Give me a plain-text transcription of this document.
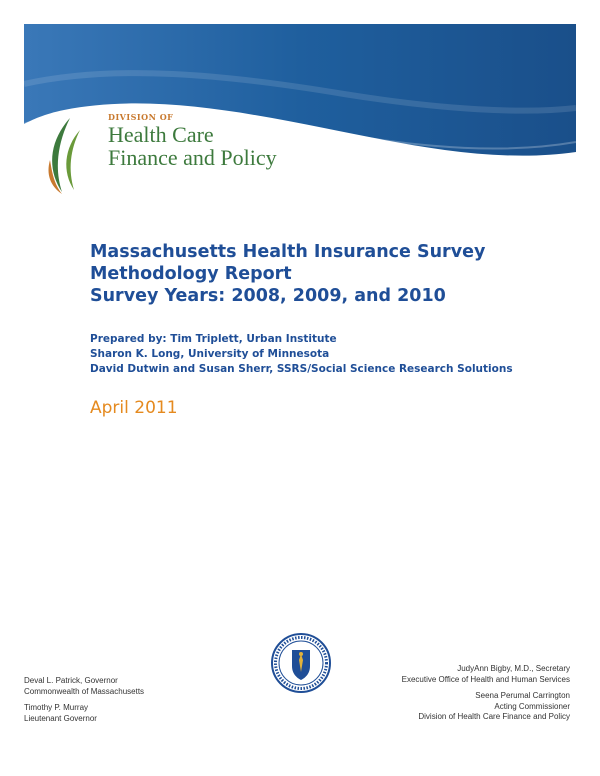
DIVISION OF
Health Care
Finance and Policy
Massachusetts Health Insurance Survey
Methodology Report
Survey Years: 2008, 2009, and 2010
Prepared by: Tim Triplett, Urban Institute
Sharon K. Long, University of Minnesota
David Dutwin and Susan Sherr, SSRS/Social Science Research Solutions
April 2011
Deval L. Patrick, Governor
Commonwealth of Massachusetts
Timothy P. Murray
Lieutenant Governor
JudyAnn Bigby, M.D., Secretary
Executive Office of Health and Human Services
Seena Perumal Carrington
Acting Commissioner
Division of Health Care Finance and Policy
